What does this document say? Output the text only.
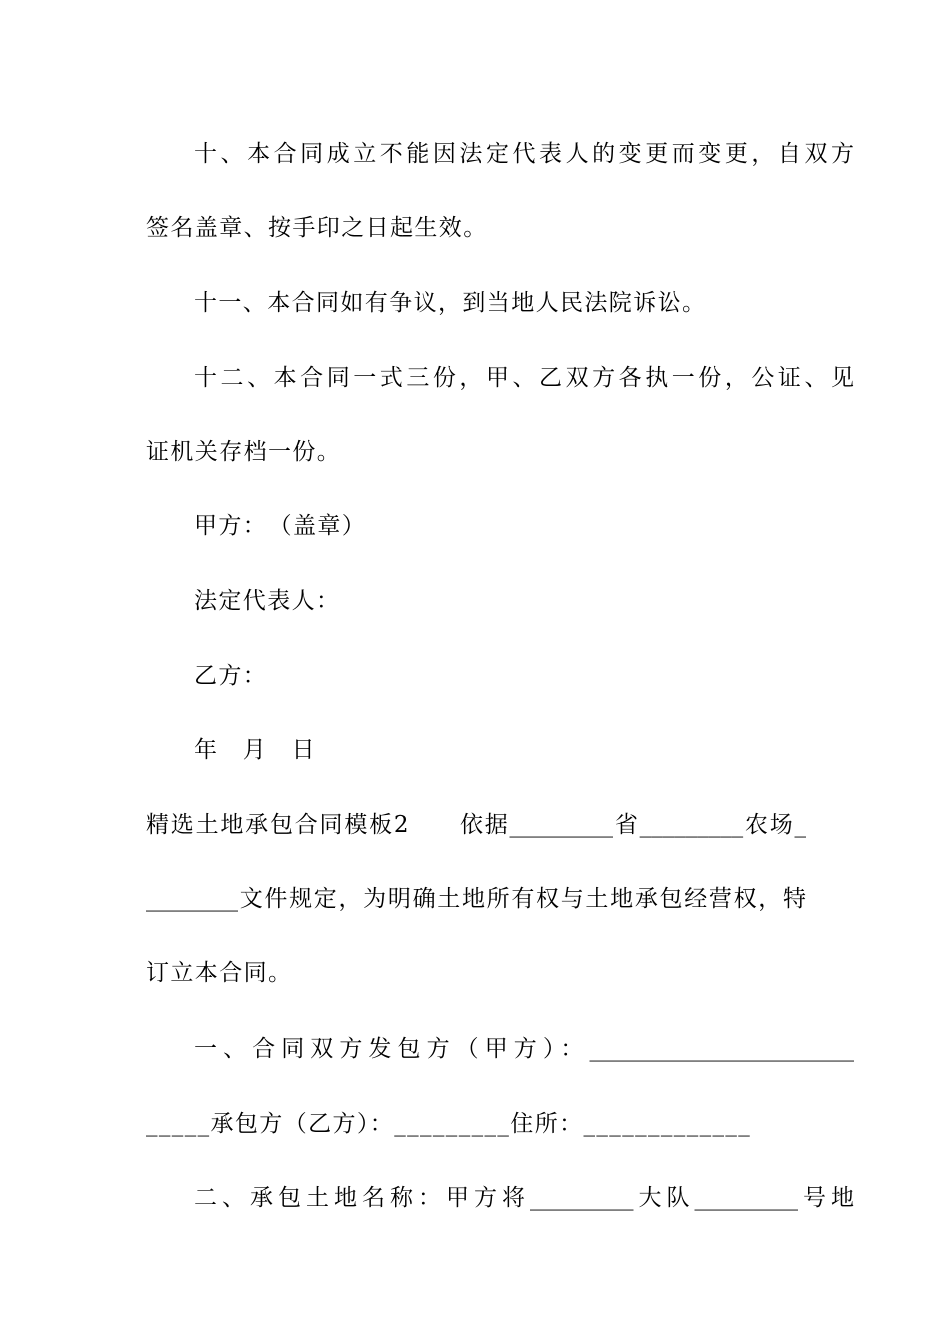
十、本合同成立不能因法定代表人的变更而变更，自双方
签名盖章、按手印之日起生效。
十一、本合同如有争议，到当地人民法院诉讼。
十二、本合同一式三份，甲、乙双方各执一份，公证、见
证机关存档一份。
甲方：　（盖章）
法定代表人：
乙方：
年　月　日
精选土地承包合同模板2　　依据_________省_________农场_
________文件规定，为明确土地所有权与土地承包经营权，特
订立本合同。
一、合同双方发包方（甲方）：_______________________
_____承包方（乙方）：_________住所：_____________
二、承包土地名称：甲方将_________大队_________号地
